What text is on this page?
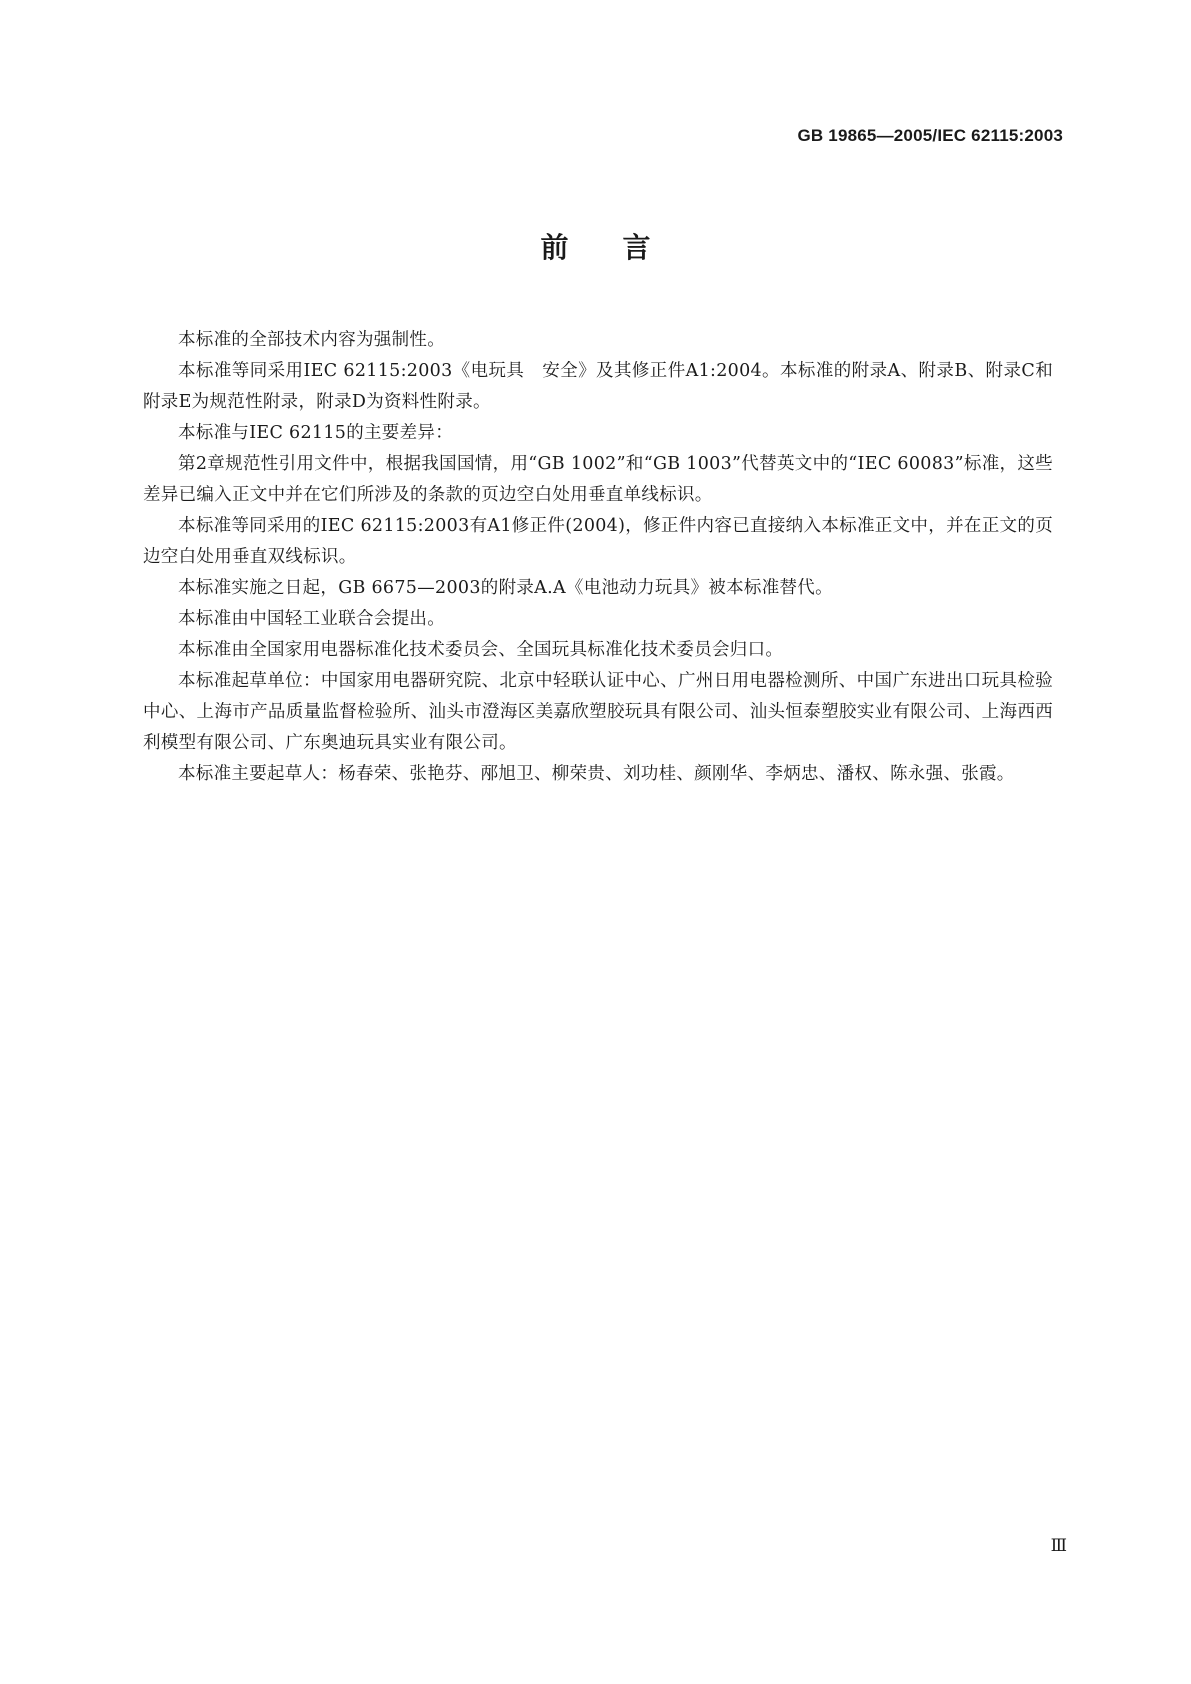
GB 19865—2005/IEC 62115:2003
前言

本标准的全部技术内容为强制性。

本标准等同采用IEC 62115:2003《电玩具　安全》及其修正件A1:2004。本标准的附录A、附录B、附录C和附录E为规范性附录，附录D为资料性附录。

本标准与IEC 62115的主要差异：

第2章规范性引用文件中，根据我国国情，用“GB 1002”和“GB 1003”代替英文中的“IEC 60083”标准，这些差异已编入正文中并在它们所涉及的条款的页边空白处用垂直单线标识。

本标准等同采用的IEC 62115:2003有A1修正件(2004)，修正件内容已直接纳入本标准正文中，并在正文的页边空白处用垂直双线标识。

本标准实施之日起，GB 6675—2003的附录A.A《电池动力玩具》被本标准替代。

本标准由中国轻工业联合会提出。

本标准由全国家用电器标准化技术委员会、全国玩具标准化技术委员会归口。

本标准起草单位：中国家用电器研究院、北京中轻联认证中心、广州日用电器检测所、中国广东进出口玩具检验中心、上海市产品质量监督检验所、汕头市澄海区美嘉欣塑胶玩具有限公司、汕头恒泰塑胶实业有限公司、上海西西利模型有限公司、广东奥迪玩具实业有限公司。

本标准主要起草人：杨春荣、张艳芬、邴旭卫、柳荣贵、刘功桂、颜刚华、李炳忠、潘权、陈永强、张霞。

Ⅲ
